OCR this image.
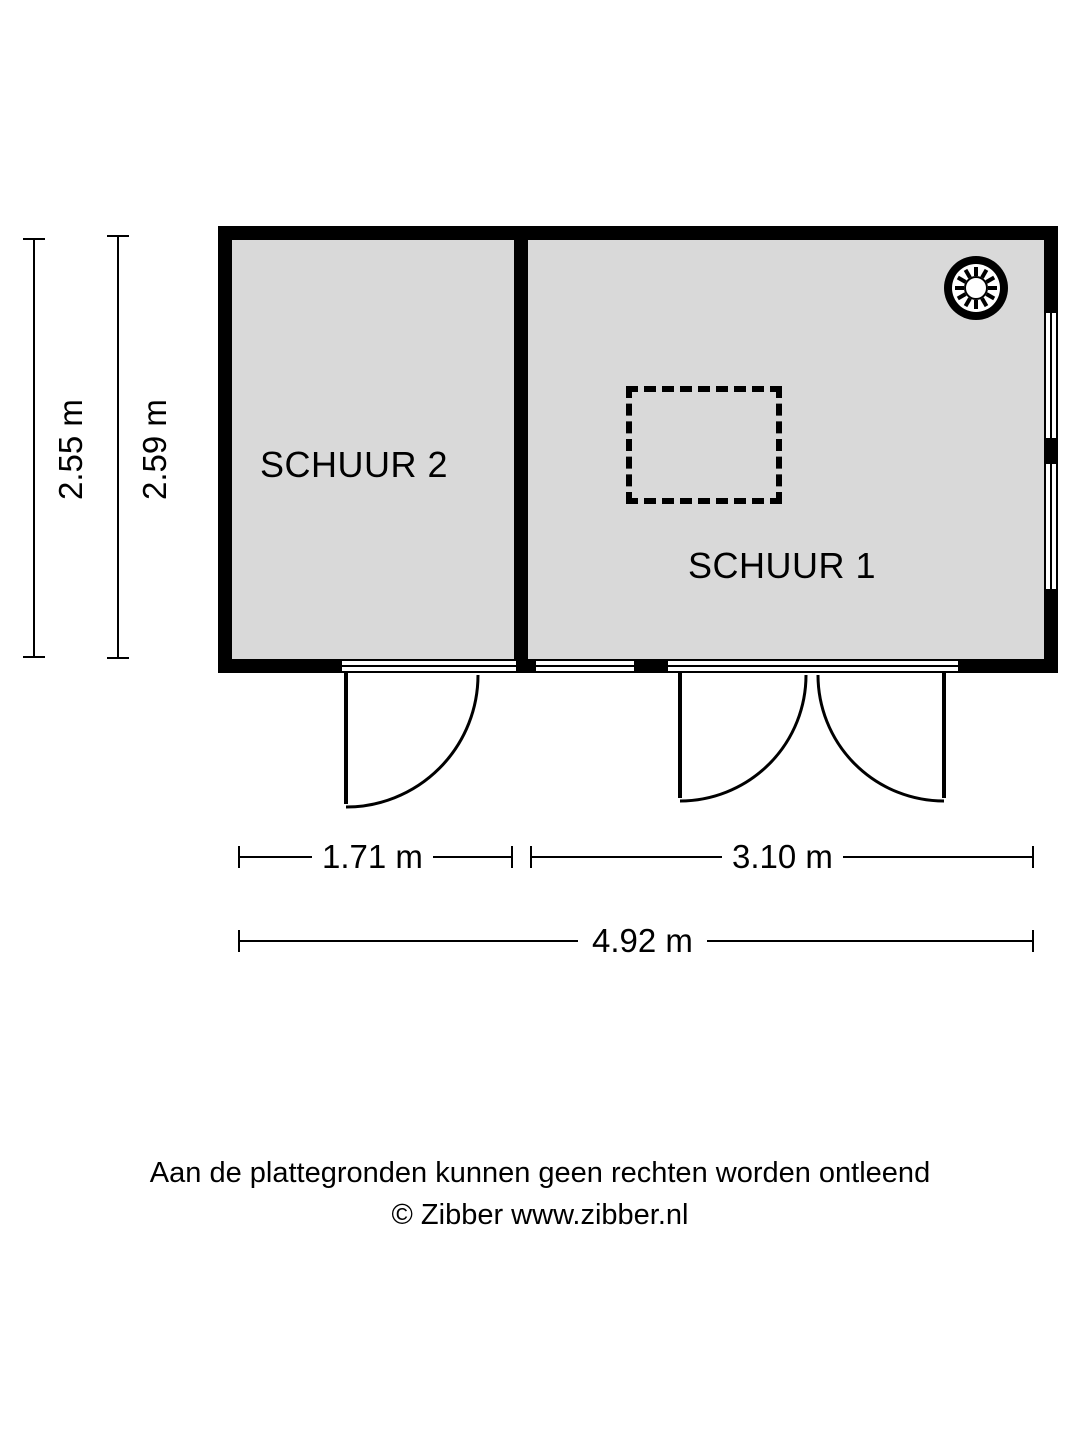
2.55 m 2.59 m SCHUUR 2
SCHUUR 1
1.71 m	3.10 m
4.92 m
Aan de plattegronden kunnen geen rechten worden ontleend
© Zibber www.zibber.nl
